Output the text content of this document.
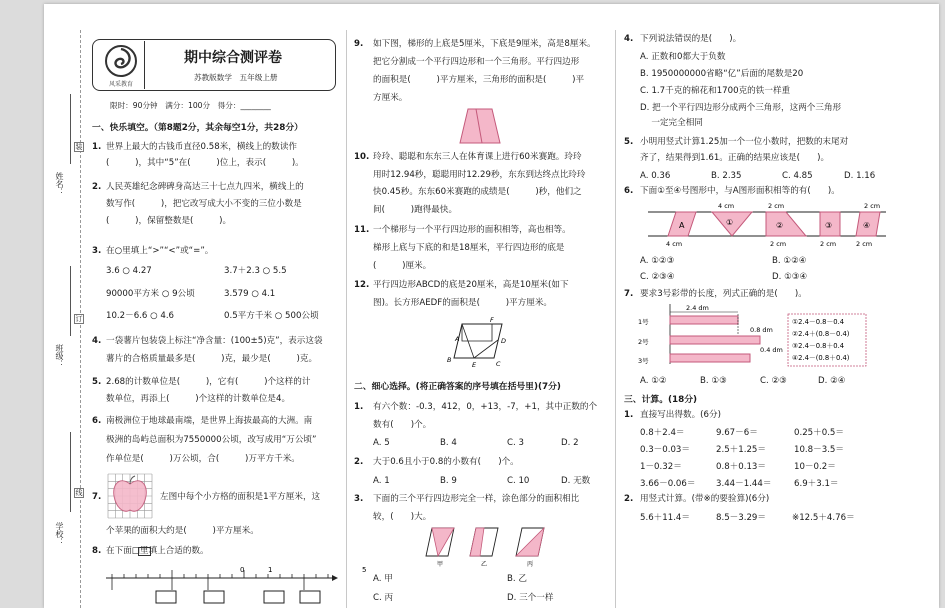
装
订
线
姓名：
班级：
学校：
风采教育
期中综合测评卷
苏教版数学　五年级上册
限时：90分钟　满分：100分　得分：________
一、快乐填空。（第8题2分，其余每空1分，共28分）
1. 世界上最大的古钱币直径0.58米，横线上的数读作
(　　　)，其中“5”在(　　　)位上，表示(　　　)。
2. 人民英雄纪念碑碑身高达三十七点九四米，横线上的
数写作(　　　)，把它改写成大小不变的三位小数是
(　　　)，保留整数是(　　　)。
3. 在○里填上“>”“<”或“=”。
3.6 ○ 4.27	3.7＋2.3 ○ 5.5
90000平方米 ○ 9公顷	3.579 ○ 4.1
10.2－6.6 ○ 4.6	0.5平方千米 ○ 500公顷
4. 一袋薯片包装袋上标注“净含量：(100±5)克”，表示这袋
薯片的合格质量最多是(　　　)克，最少是(　　　)克。
5. 2.68的计数单位是(　　　)，它有(　　　)个这样的计
数单位，再添上(　　　)个这样的计数单位是4。
6. 南极洲位于地球最南端，是世界上海拔最高的大洲。南
极洲的岛屿总面积为7550000公顷，改写成用“万公顷”
作单位是(　　　)万公顷，合(　　　)万平方千米。
7.	左图中每个小方格的面积是1平方厘米，这
个苹果的面积大约是(　　　)平方厘米。
8. 在下面□里填上合适的数。
0	1	5
9. 如下图，梯形的上底是5厘米，下底是9厘米，高是8厘米。
把它分割成一个平行四边形和一个三角形。平行四边形
的面积是(　　　)平方厘米，三角形的面积是(　　　)平
方厘米。
10. 玲玲、聪聪和东东三人在体育课上进行60米赛跑。玲玲
用时12.94秒，聪聪用时12.29秒，东东到达终点比玲玲
快0.45秒。东东60米赛跑的成绩是(　　　)秒，他们之
间(　　　)跑得最快。
11. 一个梯形与一个平行四边形的面积相等，高也相等。
梯形上底与下底的和是18厘米，平行四边形的底是
(　　　)厘米。
12. 平行四边形ABCD的底是20厘米，高是10厘米(如下
图)。长方形AEDF的面积是(　　　)平方厘米。
F
A	D
B
E	C
二、细心选择。(将正确答案的序号填在括号里)(7分)
1. 有六个数：-0.3，412，0，+13，-7，+1，其中正数的个
数有(　　)个。
A. 5	B. 4	C. 3	D. 2
2. 大于0.6且小于0.8的小数有(　　)个。
A. 1	B. 9	C. 10	D. 无数
3. 下面的三个平行四边形完全一样，涂色部分的面积相比
较，(　　)大。
甲	乙	丙
A. 甲	B. 乙
C. 丙	D. 三个一样
4. 下列说法错误的是(　　)。
A. 正数和0都大于负数
B. 1950000000省略“亿”后面的尾数是20
C. 1.7千克的棉花和1700克的铁一样重
D. 把一个平行四边形分成两个三角形，这两个三角形
　 一定完全相同
5. 小明用竖式计算1.25加一个一位小数时，把数的末尾对
齐了，结果得到1.61。正确的结果应该是(　　)。
A. 0.36	B. 2.35	C. 4.85	D. 1.16
6. 下面①至④号图形中，与A图形面积相等的有(　　)。
A	①	②	③	④
4 cm	2 cm	2 cm
4 cm	2 cm	2 cm	2 cm
A. ①②③	B. ①②④
C. ②③④	D. ①③④
7. 要求3号彩带的长度，列式正确的是(　　)。
1号
2号
3号
2.4 dm
0.8 dm
0.4 dm
①2.4－0.8－0.4
②2.4＋(0.8－0.4)
③2.4－0.8＋0.4
④2.4－(0.8＋0.4)
A. ①②	B. ①③	C. ②③	D. ②④
三、计算。(18分)
1. 直接写出得数。(6分)
0.8＋2.4＝	9.67－6＝	0.25＋0.5＝
0.3－0.03＝	2.5＋1.25＝	10.8－3.5＝
1－0.32＝	0.8＋0.13＝	10－0.2＝
3.66－0.06＝ 3.44－1.44＝	6.9＋3.1＝
2. 用竖式计算。(带※的要验算)(6分)
5.6＋11.4＝	8.5－3.29＝	※12.5＋4.76＝
